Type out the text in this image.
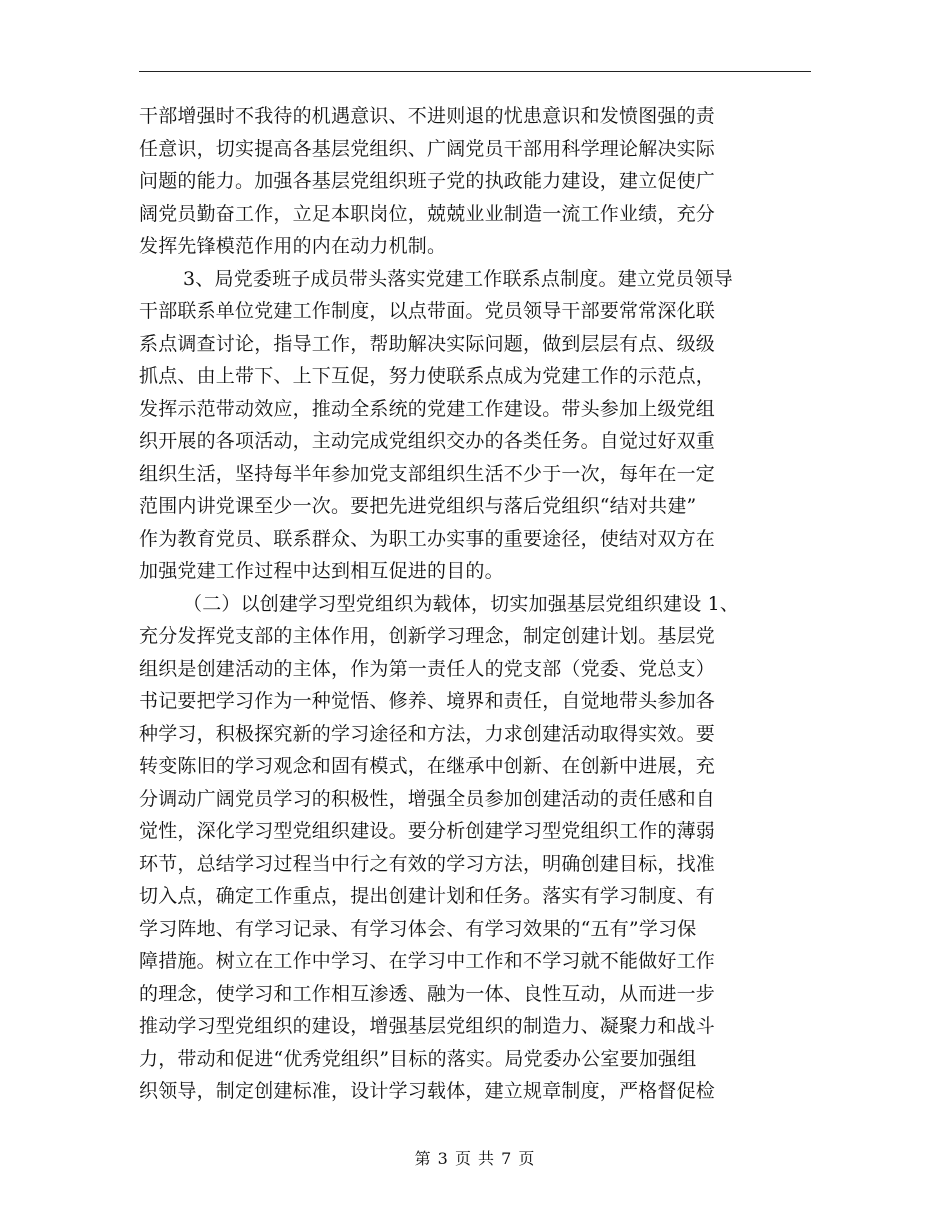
干部增强时不我待的机遇意识、不进则退的忧患意识和发愤图强的责
任意识，切实提高各基层党组织、广阔党员干部用科学理论解决实际
问题的能力。加强各基层党组织班子党的执政能力建设，建立促使广
阔党员勤奋工作，立足本职岗位，兢兢业业制造一流工作业绩，充分
发挥先锋模范作用的内在动力机制。
3、局党委班子成员带头落实党建工作联系点制度。建立党员领导
干部联系单位党建工作制度，以点带面。党员领导干部要常常深化联
系点调查讨论，指导工作，帮助解决实际问题，做到层层有点、级级
抓点、由上带下、上下互促，努力使联系点成为党建工作的示范点，
发挥示范带动效应，推动全系统的党建工作建设。带头参加上级党组
织开展的各项活动，主动完成党组织交办的各类任务。自觉过好双重
组织生活，坚持每半年参加党支部组织生活不少于一次，每年在一定
范围内讲党课至少一次。要把先进党组织与落后党组织“结对共建”
作为教育党员、联系群众、为职工办实事的重要途径，使结对双方在
加强党建工作过程中达到相互促进的目的。
（二）以创建学习型党组织为载体，切实加强基层党组织建设 1、
充分发挥党支部的主体作用，创新学习理念，制定创建计划。基层党
组织是创建活动的主体，作为第一责任人的党支部（党委、党总支）
书记要把学习作为一种觉悟、修养、境界和责任，自觉地带头参加各
种学习，积极探究新的学习途径和方法，力求创建活动取得实效。要
转变陈旧的学习观念和固有模式，在继承中创新、在创新中进展，充
分调动广阔党员学习的积极性，增强全员参加创建活动的责任感和自
觉性，深化学习型党组织建设。要分析创建学习型党组织工作的薄弱
环节，总结学习过程当中行之有效的学习方法，明确创建目标，找准
切入点，确定工作重点，提出创建计划和任务。落实有学习制度、有
学习阵地、有学习记录、有学习体会、有学习效果的“五有”学习保
障措施。树立在工作中学习、在学习中工作和不学习就不能做好工作
的理念，使学习和工作相互渗透、融为一体、良性互动，从而进一步
推动学习型党组织的建设，增强基层党组织的制造力、凝聚力和战斗
力，带动和促进“优秀党组织”目标的落实。局党委办公室要加强组
织领导，制定创建标准，设计学习载体，建立规章制度，严格督促检
第 3 页 共 7 页
